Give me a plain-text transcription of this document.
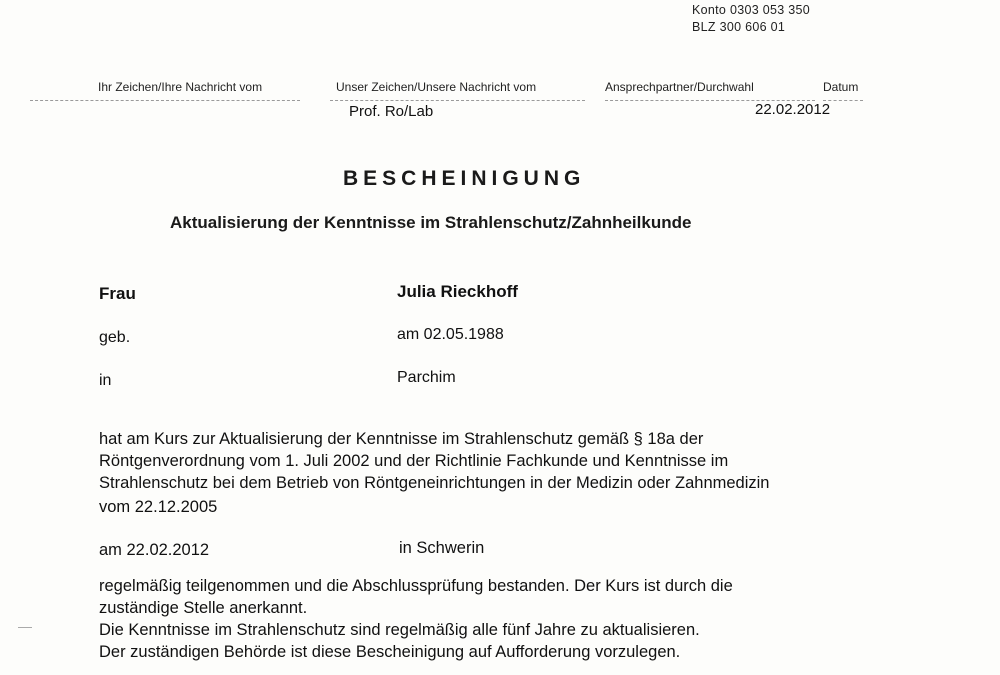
Konto 0303 053 350
BLZ 300 606 01
Ihr Zeichen/Ihre Nachricht vom	Unser Zeichen/Unsere Nachricht vom	Ansprechpartner/Durchwahl	Datum
Prof. Ro/Lab	22.02.2012
BESCHEINIGUNG
Aktualisierung der Kenntnisse im Strahlenschutz/Zahnheilkunde
Frau	Julia Rieckhoff
geb.	am 02.05.1988
in	Parchim
hat am Kurs zur Aktualisierung der Kenntnisse im Strahlenschutz gemäß § 18a der
Röntgenverordnung vom 1. Juli 2002 und der Richtlinie Fachkunde und Kenntnisse im
Strahlenschutz bei dem Betrieb von Röntgeneinrichtungen in der Medizin oder Zahnmedizin
vom 22.12.2005
am 22.02.2012	in Schwerin
regelmäßig teilgenommen und die Abschlussprüfung bestanden. Der Kurs ist durch die
zuständige Stelle anerkannt.
Die Kenntnisse im Strahlenschutz sind regelmäßig alle fünf Jahre zu aktualisieren.
Der zuständigen Behörde ist diese Bescheinigung auf Aufforderung vorzulegen.
